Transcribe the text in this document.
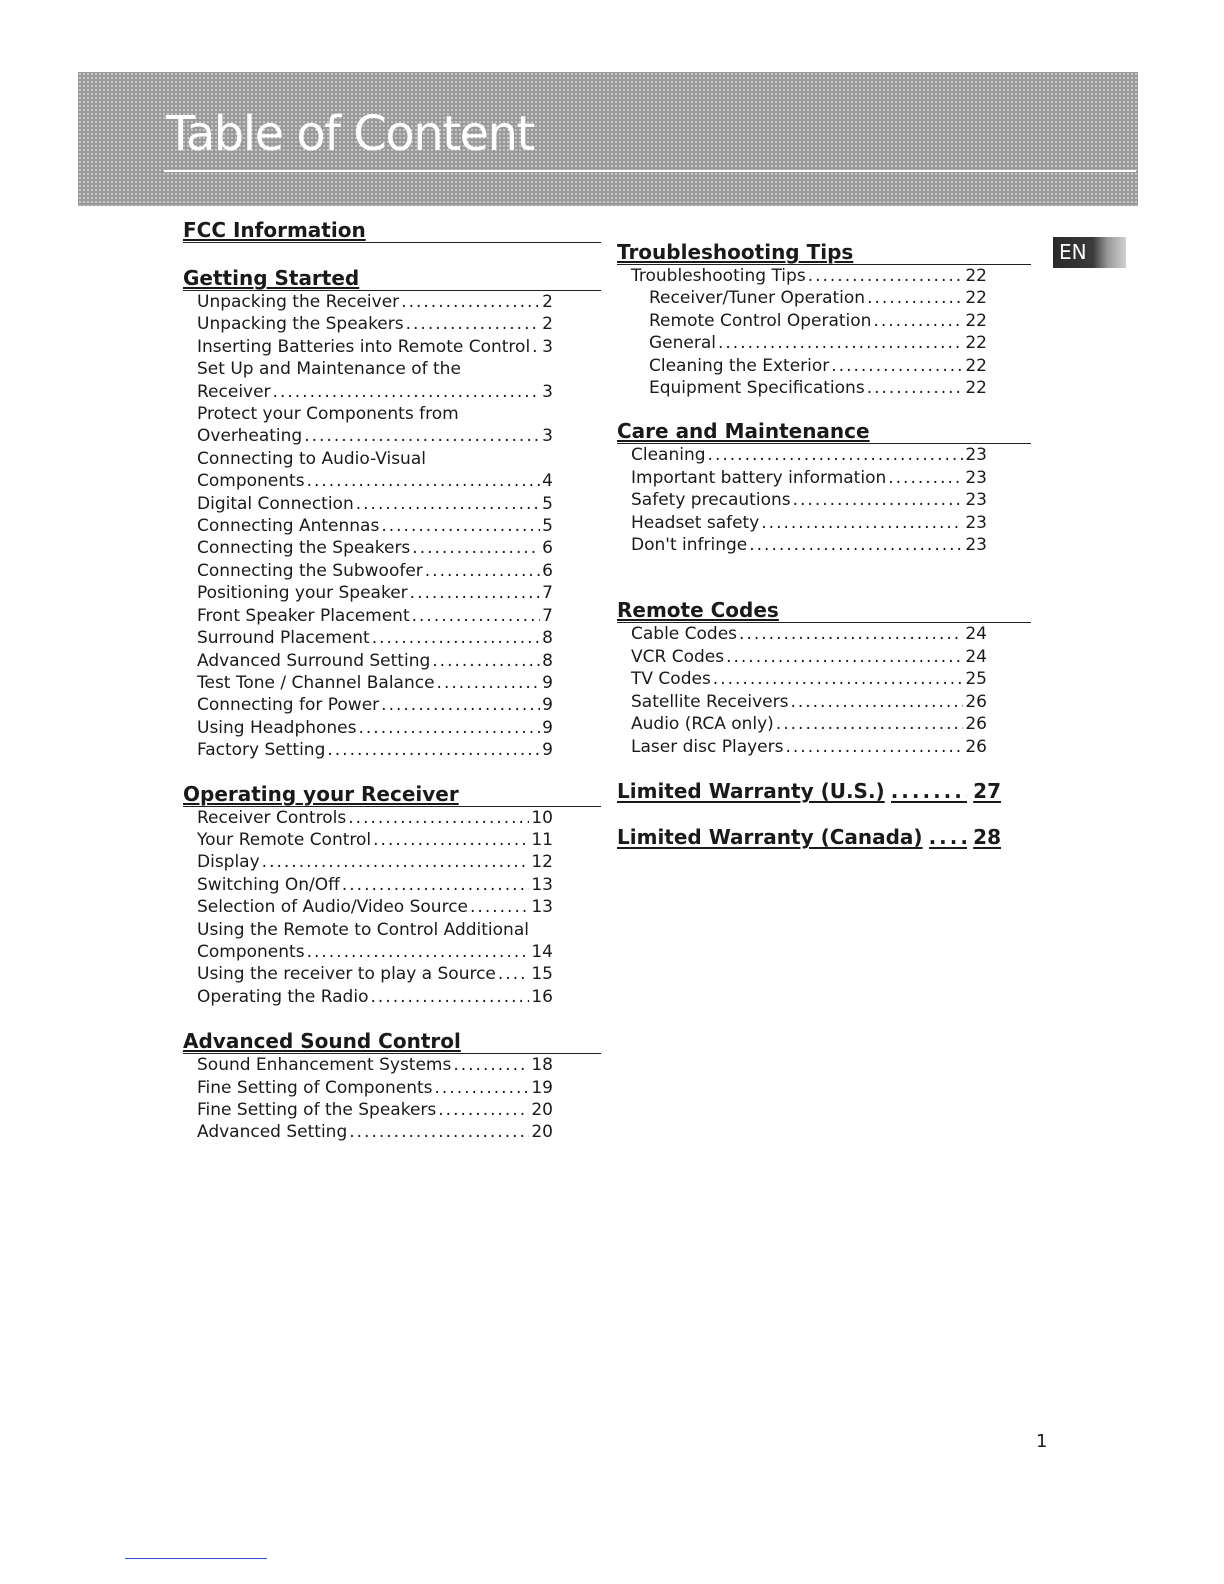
Table of Content
EN
FCC Information
Getting Started
Unpacking the Receiver .....	2
Unpacking the Speakers .....	2
Inserting Batteries into Remote Control ..... 3
Set Up and Maintenance of the
Receiver .....	3
Protect your Components from
Overheating .....	3
Connecting to Audio-Visual
Components .....	4
Digital Connection .....	5
Connecting Antennas .....	5
Connecting the Speakers .....	6
Connecting the Subwoofer .....	6
Positioning your Speaker .....	7
Front Speaker Placement .....	7
Surround Placement .....	8
Advanced Surround Setting .....	8
Test Tone / Channel Balance .....	9
Connecting for Power .....	9
Using Headphones .....	9
Factory Setting .....	9
Operating your Receiver
Receiver Controls .....	10
Your Remote Control .....	11
Display .....	12
Switching On/Off .....	13
Selection of Audio/Video Source .....	13
Using the Remote to Control Additional
Components .....	14
Using the receiver to play a Source ..... 15
Operating the Radio .....	16
Advanced Sound Control
Sound Enhancement Systems .....	18
Fine Setting of Components .....	19
Fine Setting of the Speakers .....	20
Advanced Setting .....	20
Troubleshooting Tips
Troubleshooting Tips .....	22
Receiver/Tuner Operation .....	22
Remote Control Operation .....	22
General .....	22
Cleaning the Exterior .....	22
Equipment Specifications .....	22
Care and Maintenance
Cleaning .....	23
Important battery information .....	23
Safety precautions .....	23
Headset safety .....	23
Don't infringe .....	23
Remote Codes
Cable Codes .....	24
VCR Codes .....	24
TV Codes .....	25
Satellite Receivers .....	26
Audio (RCA only) .....	26
Laser disc Players .....	26
Limited Warranty (U.S.) .....	27
Limited Warranty (Canada) .....	28
1
